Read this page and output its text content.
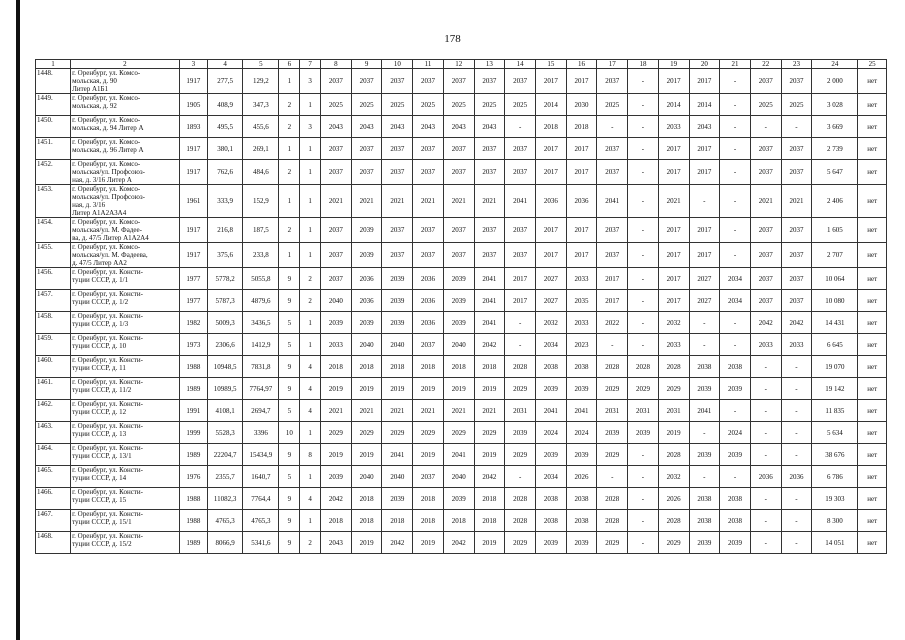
178
1	2	3	4	5	6	7	8	9	10	11	12	13	14	15	16	17	18	19	20	21	22	23	24	25
1448.	г. Оренбург, ул. Комсо-
мольская, д. 90
Литер А1Б1	1917	277,5	129,2	1	3	2037	2037	2037	2037	2037	2037	2037	2017	2017	2037	-	2017	2017	-	2037	2037	2 000	нет
1449.	г. Оренбург, ул. Комсо-
мольская, д. 92	1905	408,9	347,3	2	1	2025	2025	2025	2025	2025	2025	2025	2014	2030	2025	-	2014	2014	-	2025	2025	3 028	нет
1450.	г. Оренбург, ул. Комсо-
мольская, д. 94 Литер А	1893	495,5	455,6	2	3	2043	2043	2043	2043	2043	2043	-	2018	2018	-	-	2033	2043	-	-	-	3 669	нет
1451.	г. Оренбург, ул. Комсо-
мольская, д. 96 Литер А	1917	380,1	269,1	1	1	2037	2037	2037	2037	2037	2037	2037	2017	2017	2037	-	2017	2017	-	2037	2037	2 739	нет
1452.	г. Оренбург, ул. Комсо-
мольская/ул. Профсоюз-
ная, д. 3/16 Литер А	1917	762,6	484,6	2	1	2037	2037	2037	2037	2037	2037	2037	2017	2017	2037	-	2017	2017	-	2037	2037	5 647	нет
1453.	г. Оренбург, ул. Комсо-
мольская/ул. Профсоюз-
ная, д. 3/16
Литер А1А2А3А4	1961	333,9	152,9	1	1	2021	2021	2021	2021	2021	2021	2041	2036	2036	2041	-	2021	-	-	2021	2021	2 406	нет
1454.	г. Оренбург, ул. Комсо-
мольская/ул. М. Фадее-
ва, д. 47/5 Литер А1А2А4	1917	216,8	187,5	2	1	2037	2039	2037	2037	2037	2037	2037	2017	2017	2037	-	2017	2017	-	2037	2037	1 605	нет
1455.	г. Оренбург, ул. Комсо-
мольская/ул. М. Фадеева,
д. 47/5 Литер АА2	1917	375,6	233,8	1	1	2037	2039	2037	2037	2037	2037	2037	2017	2017	2037	-	2017	2017	-	2037	2037	2 707	нет
1456.	г. Оренбург, ул. Консти-
туции СССР, д. 1/1	1977	5778,2	5055,8	9	2	2037	2036	2039	2036	2039	2041	2017	2027	2033	2017	-	2017	2027	2034	2037	2037	10 064	нет
1457.	г. Оренбург, ул. Консти-
туции СССР, д. 1/2	1977	5787,3	4879,6	9	2	2040	2036	2039	2036	2039	2041	2017	2027	2035	2017	-	2017	2027	2034	2037	2037	10 080	нет
1458.	г. Оренбург, ул. Консти-
туции СССР, д. 1/3	1982	5009,3	3436,5	5	1	2039	2039	2039	2036	2039	2041	-	2032	2033	2022	-	2032	-	-	2042	2042	14 431	нет
1459.	г. Оренбург, ул. Консти-
туции СССР, д. 10	1973	2306,6	1412,9	5	1	2033	2040	2040	2037	2040	2042	-	2034	2023	-	-	2033	-	-	2033	2033	6 645	нет
1460.	г. Оренбург, ул. Консти-
туции СССР, д. 11	1988	10948,5	7831,8	9	4	2018	2018	2018	2018	2018	2018	2028	2038	2038	2028	2028	2028	2038	2038	-	-	19 070	нет
1461.	г. Оренбург, ул. Консти-
туции СССР, д. 11/2	1989	10989,5	7764,97	9	4	2019	2019	2019	2019	2019	2019	2029	2039	2039	2029	2029	2029	2039	2039	-	-	19 142	нет
1462.	г. Оренбург, ул. Консти-
туции СССР, д. 12	1991	4108,1	2694,7	5	4	2021	2021	2021	2021	2021	2021	2031	2041	2041	2031	2031	2031	2041	-	-	-	11 835	нет
1463.	г. Оренбург, ул. Консти-
туции СССР, д. 13	1999	5528,3	3396	10	1	2029	2029	2029	2029	2029	2029	2039	2024	2024	2039	2039	2019	-	2024	-	-	5 634	нет
1464.	г. Оренбург, ул. Консти-
туции СССР, д. 13/1	1989	22204,7	15434,9	9	8	2019	2019	2041	2019	2041	2019	2029	2039	2039	2029	-	2028	2039	2039	-	-	38 676	нет
1465.	г. Оренбург, ул. Консти-
туции СССР, д. 14	1976	2355,7	1640,7	5	1	2039	2040	2040	2037	2040	2042	-	2034	2026	-	-	2032	-	-	2036	2036	6 786	нет
1466.	г. Оренбург, ул. Консти-
туции СССР, д. 15	1988	11082,3	7764,4	9	4	2042	2018	2039	2018	2039	2018	2028	2038	2038	2028	-	2026	2038	2038	-	-	19 303	нет
1467.	г. Оренбург, ул. Консти-
туции СССР, д. 15/1	1988	4765,3	4765,3	9	1	2018	2018	2018	2018	2018	2018	2028	2038	2038	2028	-	2028	2038	2038	-	-	8 300	нет
1468.	г. Оренбург, ул. Консти-
туции СССР, д. 15/2	1989	8066,9	5341,6	9	2	2043	2019	2042	2019	2042	2019	2029	2039	2039	2029	-	2029	2039	2039	-	-	14 051	нет
